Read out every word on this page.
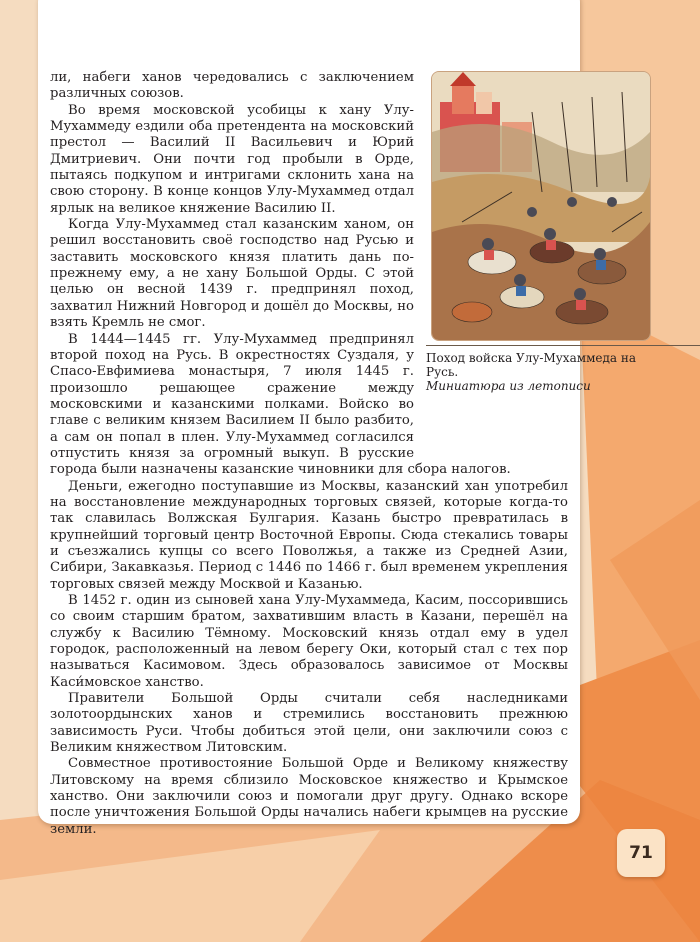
ли, набеги ханов чередовались с заключением различных союзов.

Во время московской усобицы к хану Улу-Мухаммеду ездили оба претендента на московский престол — Василий II Васильевич и Юрий Дмитриевич. Они почти год пробыли в Орде, пытаясь подкупом и интригами склонить хана на свою сторону. В конце концов Улу-Мухаммед отдал ярлык на великое княжение Василию II.

Когда Улу-Мухаммед стал казанским ханом, он решил восстановить своё господство над Русью и заставить московского князя платить дань по-прежнему ему, а не хану Большой Орды. С этой целью он весной 1439 г. предпринял поход, захватил Нижний Новгород и дошёл до Москвы, но взять Кремль не смог.

В 1444—1445 гг. Улу-Мухаммед предпринял второй поход на Русь. В окрестностях Суздаля, у Спасо-Евфимиева монастыря, 7 июля 1445 г. произошло решающее сражение между московскими и казанскими полками. Войско во главе с великим князем Василием II было разбито, а сам он попал в плен. Улу-Мухаммед согласился отпустить князя за огромный выкуп. В русские города были назначены казанские чиновники для сбора налогов.

Деньги, ежегодно поступавшие из Москвы, казанский хан употребил на восстановление международных торговых связей, которые когда-то так славилась Волжская Булгария. Казань быстро превратилась в крупнейший торговый центр Восточной Европы. Сюда стекались товары и съезжались купцы со всего Поволжья, а также из Средней Азии, Сибири, Закавказья. Период с 1446 по 1466 г. был временем укрепления торговых связей между Москвой и Казанью.

В 1452 г. один из сыновей хана Улу-Мухаммеда, Касим, поссорившись со своим старшим братом, захватившим власть в Казани, перешёл на службу к Василию Тёмному. Московский князь отдал ему в удел городок, расположенный на левом берегу Оки, который стал с тех пор называться Касимовом. Здесь образовалось зависимое от Москвы Каси́мовское ханство.

Правители Большой Орды считали себя наследниками золотоордынских ханов и стремились восстановить прежнюю зависимость Руси. Чтобы добиться этой цели, они заключили союз с Великим княжеством Литовским.

Совместное противостояние Большой Орде и Великому княжеству Литовскому на время сблизило Московское княжество и Крымское ханство. Они заключили союз и помогали друг другу. Однако вскоре после уничтожения Большой Орды начались набеги крымцев на русские земли.

Поход войска Улу-Мухаммеда на Русь.
Миниатюра из летописи
71
